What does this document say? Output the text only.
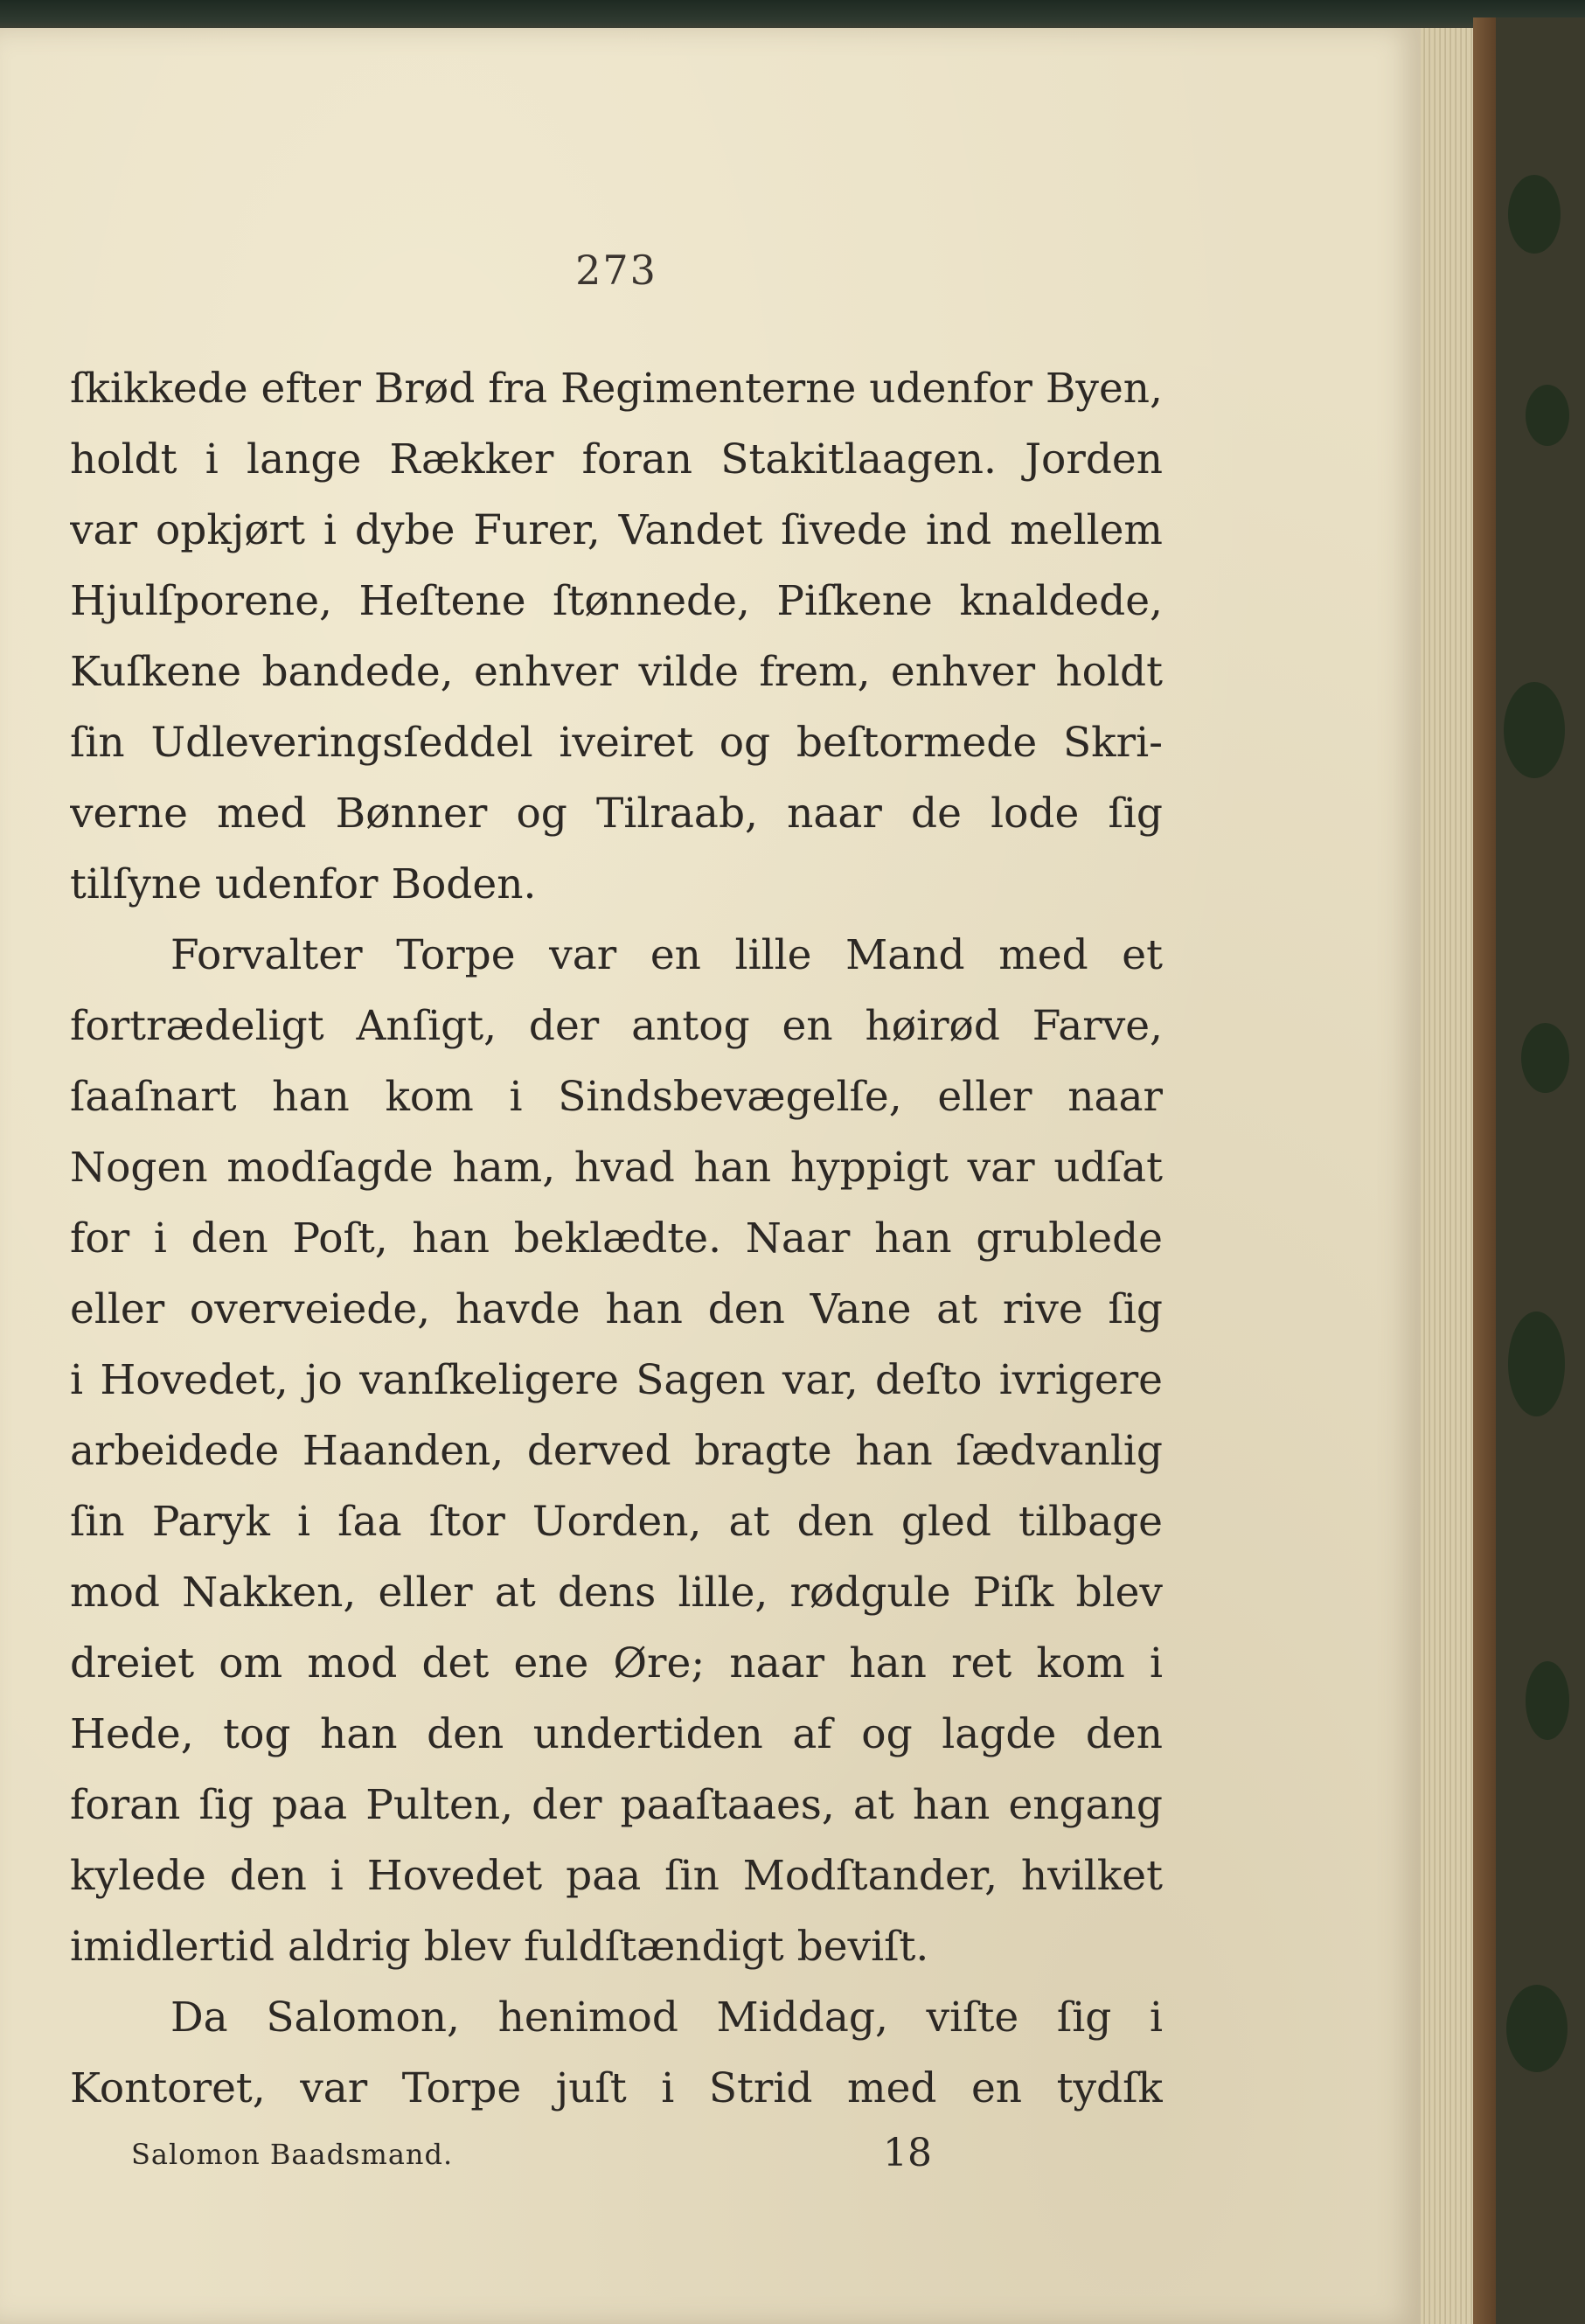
273
ſkikkede efter Brød fra Regimenterne udenfor Byen,
holdt i lange Rækker foran Stakitlaagen. Jorden
var opkjørt i dybe Furer, Vandet ſivede ind mellem
Hjulſporene, Heſtene ſtønnede, Piſkene knaldede,
Kuſkene bandede, enhver vilde frem, enhver holdt
ſin Udleveringsſeddel iveiret og beſtormede Skri-
verne med Bønner og Tilraab, naar de lode ſig
tilſyne udenfor Boden.
Forvalter Torpe var en lille Mand med et
fortrædeligt Anſigt, der antog en høirød Farve,
ſaaſnart han kom i Sindsbevægelſe, eller naar
Nogen modſagde ham, hvad han hyppigt var udſat
for i den Poſt, han beklædte. Naar han grublede
eller overveiede, havde han den Vane at rive ſig
i Hovedet, jo vanſkeligere Sagen var, deſto ivrigere
arbeidede Haanden, derved bragte han ſædvanlig
ſin Paryk i ſaa ſtor Uorden, at den gled tilbage
mod Nakken, eller at dens lille, rødgule Piſk blev
dreiet om mod det ene Øre; naar han ret kom i
Hede, tog han den undertiden af og lagde den
foran ſig paa Pulten, der paaſtaaes, at han engang
kylede den i Hovedet paa ſin Modſtander, hvilket
imidlertid aldrig blev fuldſtændigt beviſt.
Da Salomon, henimod Middag, viſte ſig i
Kontoret, var Torpe juſt i Strid med en tydſk
Salomon Baadsmand.	18
